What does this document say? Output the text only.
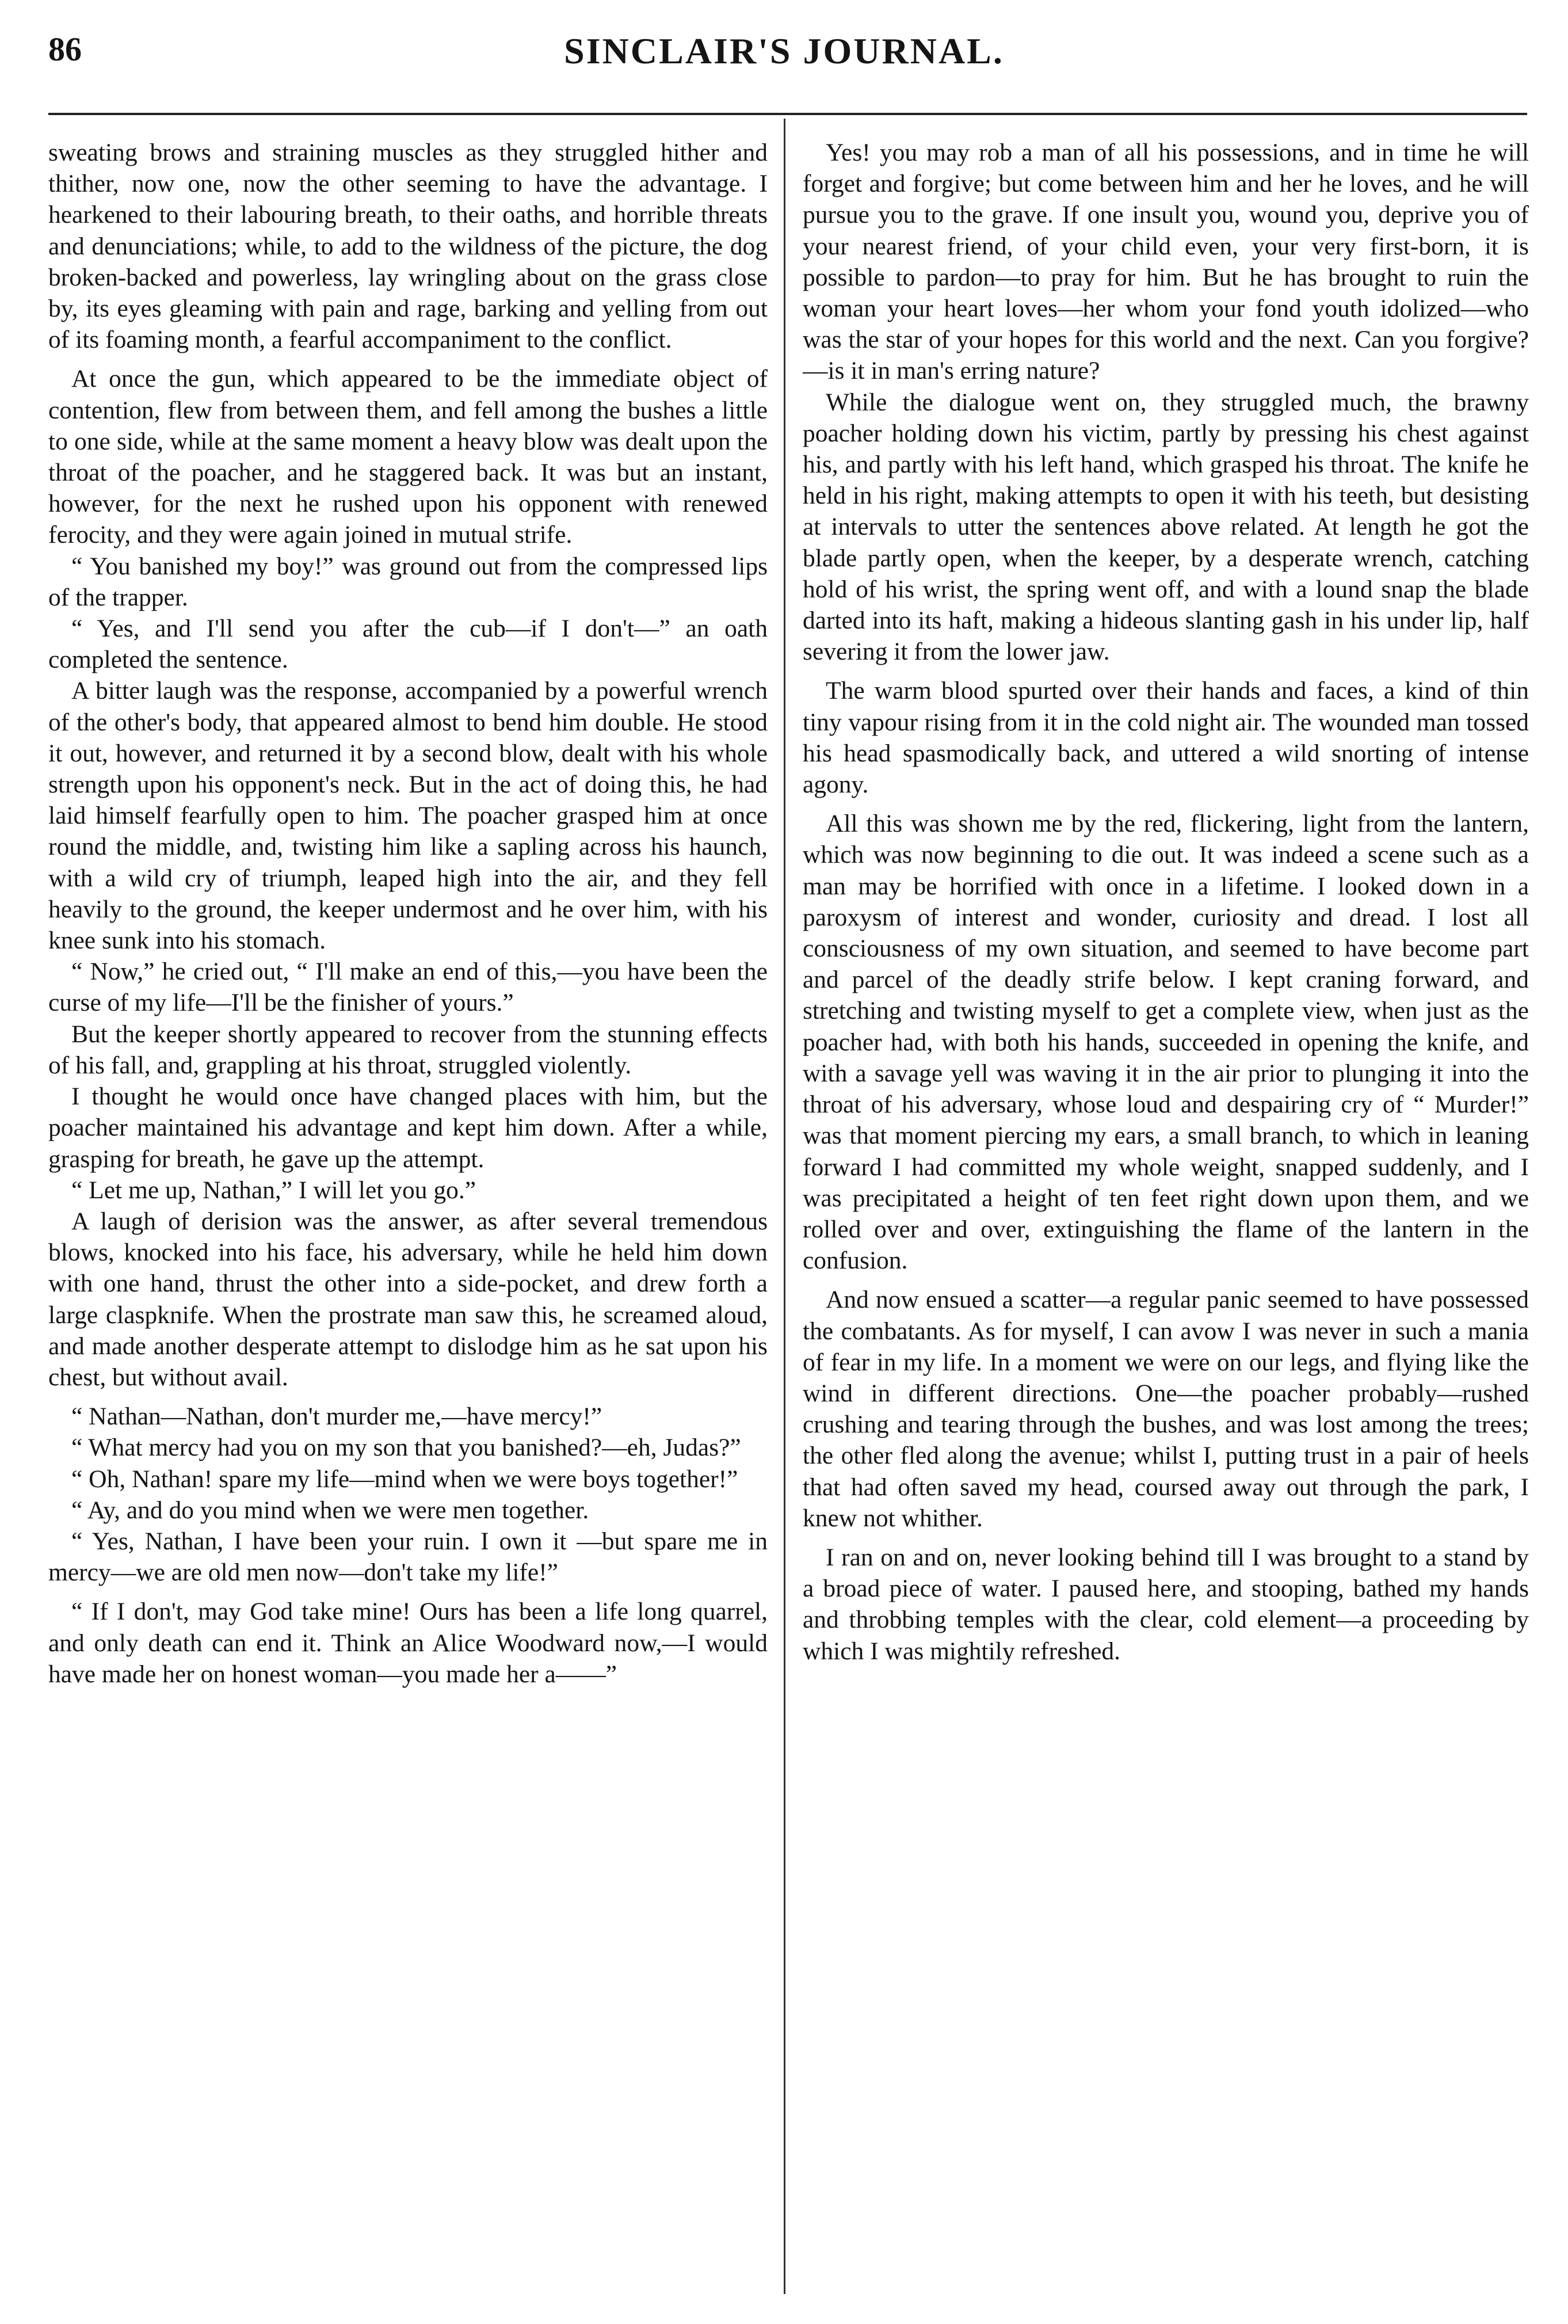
86	SINCLAIR'S JOURNAL.

sweating brows and straining muscles as they struggled hither and thither, now one, now the other seeming to have the advantage. I hearkened to their labouring breath, to their oaths, and horrible threats and denunciations; while, to add to the wildness of the picture, the dog broken-backed and powerless, lay wringling about on the grass close by, its eyes gleaming with pain and rage, barking and yelling from out of its foaming month, a fearful accompaniment to the conflict.

At once the gun, which appeared to be the immediate object of contention, flew from between them, and fell among the bushes a little to one side, while at the same moment a heavy blow was dealt upon the throat of the poacher, and he staggered back. It was but an instant, however, for the next he rushed upon his opponent with renewed ferocity, and they were again joined in mutual strife.

“ You banished my boy!” was ground out from the compressed lips of the trapper.

“ Yes, and I'll send you after the cub—if I don't—” an oath completed the sentence.

A bitter laugh was the response, accompanied by a powerful wrench of the other's body, that appeared almost to bend him double. He stood it out, however, and returned it by a second blow, dealt with his whole strength upon his opponent's neck. But in the act of doing this, he had laid himself fearfully open to him. The poacher grasped him at once round the middle, and, twisting him like a sapling across his haunch, with a wild cry of triumph, leaped high into the air, and they fell heavily to the ground, the keeper undermost and he over him, with his knee sunk into his stomach.

“ Now,” he cried out, “ I'll make an end of this,—you have been the curse of my life—I'll be the finisher of yours.”

But the keeper shortly appeared to recover from the stunning effects of his fall, and, grappling at his throat, struggled violently.

I thought he would once have changed places with him, but the poacher maintained his advantage and kept him down. After a while, grasping for breath, he gave up the attempt.

“ Let me up, Nathan,” I will let you go.”

A laugh of derision was the answer, as after several tremendous blows, knocked into his face, his adversary, while he held him down with one hand, thrust the other into a side-pocket, and drew forth a large claspknife. When the prostrate man saw this, he screamed aloud, and made another desperate attempt to dislodge him as he sat upon his chest, but without avail.

“ Nathan—Nathan, don't murder me,—have mercy!”

“ What mercy had you on my son that you banished?—eh, Judas?”

“ Oh, Nathan! spare my life—mind when we were boys together!”

“ Ay, and do you mind when we were men together.

“ Yes, Nathan, I have been your ruin. I own it —but spare me in mercy—we are old men now—don't take my life!”

“ If I don't, may God take mine! Ours has been a life long quarrel, and only death can end it. Think an Alice Woodward now,—I would have made her on honest woman—you made her a——”

Yes! you may rob a man of all his possessions, and in time he will forget and forgive; but come between him and her he loves, and he will pursue you to the grave. If one insult you, wound you, deprive you of your nearest friend, of your child even, your very first-born, it is possible to pardon—to pray for him. But he has brought to ruin the woman your heart loves—her whom your fond youth idolized—who was the star of your hopes for this world and the next. Can you forgive?—is it in man's erring nature?

While the dialogue went on, they struggled much, the brawny poacher holding down his victim, partly by pressing his chest against his, and partly with his left hand, which grasped his throat. The knife he held in his right, making attempts to open it with his teeth, but desisting at intervals to utter the sentences above related. At length he got the blade partly open, when the keeper, by a desperate wrench, catching hold of his wrist, the spring went off, and with a lound snap the blade darted into its haft, making a hideous slanting gash in his under lip, half severing it from the lower jaw.

The warm blood spurted over their hands and faces, a kind of thin tiny vapour rising from it in the cold night air. The wounded man tossed his head spasmodically back, and uttered a wild snorting of intense agony.

All this was shown me by the red, flickering, light from the lantern, which was now beginning to die out. It was indeed a scene such as a man may be horrified with once in a lifetime. I looked down in a paroxysm of interest and wonder, curiosity and dread. I lost all consciousness of my own situation, and seemed to have become part and parcel of the deadly strife below. I kept craning forward, and stretching and twisting myself to get a complete view, when just as the poacher had, with both his hands, succeeded in opening the knife, and with a savage yell was waving it in the air prior to plunging it into the throat of his adversary, whose loud and despairing cry of “ Murder!” was that moment piercing my ears, a small branch, to which in leaning forward I had committed my whole weight, snapped suddenly, and I was precipitated a height of ten feet right down upon them, and we rolled over and over, extinguishing the flame of the lantern in the confusion.

And now ensued a scatter—a regular panic seemed to have possessed the combatants. As for myself, I can avow I was never in such a mania of fear in my life. In a moment we were on our legs, and flying like the wind in different directions. One—the poacher probably—rushed crushing and tearing through the bushes, and was lost among the trees; the other fled along the avenue; whilst I, putting trust in a pair of heels that had often saved my head, coursed away out through the park, I knew not whither.

I ran on and on, never looking behind till I was brought to a stand by a broad piece of water. I paused here, and stooping, bathed my hands and throbbing temples with the clear, cold element—a proceeding by which I was mightily refreshed.
